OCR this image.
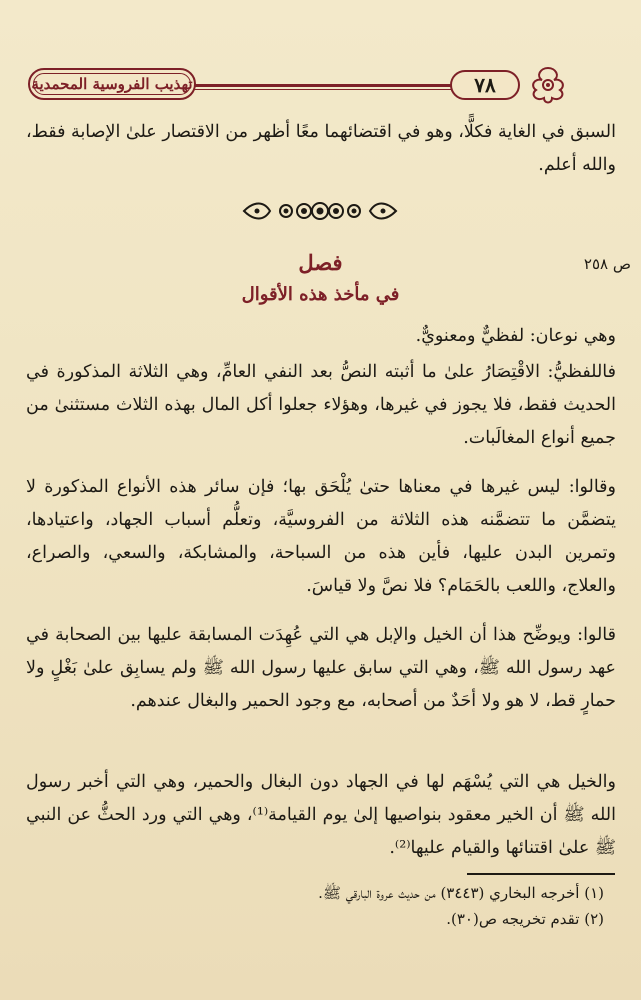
تهذيب الفروسية المحمدية	٧٨

السبق في الغاية فكلًّا، وهو في اقتضائهما معًا أظهر من الاقتصار علىٰ الإصابة فقط، والله أعلم.

فصل
في مأخذ هذه الأقوال
ص ٢٥٨

وهي نوعان: لفظيٌّ ومعنويٌّ.

فاللفظيُّ: الاقْتِصَارُ علىٰ ما أثبته النصُّ بعد النفي العامِّ، وهي الثلاثة المذكورة في الحديث فقط، فلا يجوز في غيرها، وهؤلاء جعلوا أكل المال بهذه الثلاث مستثنىٰ من جميع أنواع المغالَبات.

وقالوا: ليس غيرها في معناها حتىٰ يُلْحَق بها؛ فإن سائر هذه الأنواع المذكورة لا يتضمَّن ما تتضمَّنه هذه الثلاثة من الفروسيَّة، وتعلُّم أسباب الجهاد، واعتيادها، وتمرين البدن عليها، فأين هذه من السباحة، والمشابكة، والسعي، والصراع، والعلاج، واللعب بالحَمَام؟ فلا نصَّ ولا قياسَ.

قالوا: ويوضِّح هذا أن الخيل والإبل هي التي عُهِدَت المسابقة عليها بين الصحابة في عهد رسول الله ﷺ، وهي التي سابق عليها رسول الله ﷺ ولم يسابِق علىٰ بَغْلٍ ولا حمارٍ قط، لا هو ولا أحَدٌ من أصحابه، مع وجود الحمير والبغال عندهم.

والخيل هي التي يُسْهَم لها في الجهاد دون البغال والحمير، وهي التي أخبر رسول الله ﷺ أن الخير معقود بنواصيها إلىٰ يوم القيامة⁽¹⁾، وهي التي ورد الحثُّ عن النبي ﷺ علىٰ اقتنائها والقيام عليها⁽²⁾.

(١) أخرجه البخاري (٣٤٤٣) من حديث عروة البارقي ﷺ.
(٢) تقدم تخريجه ص(٣٠).
